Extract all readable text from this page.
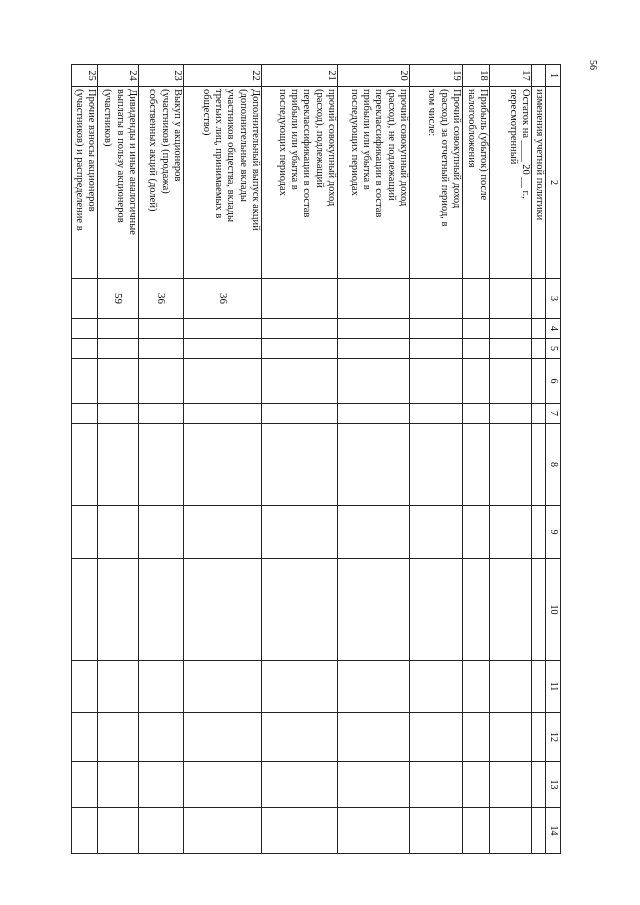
56
1	2	3	4	5	6	7	8	9	10	11	12	13	14
	изменения учетной политики												
17	Остаток на ____ 20 __ г.,
пересмотренный												

18	Прибыль (убыток) после
налогообложения												

19	Прочий совокупный доход
(расход) за отчетный период, в
том числе:												

20	прочий совокупный доход
(расход), не подлежащий
переклассификации в состав
прибыли или убытка в
последующих периодах												

21	прочий совокупный доход
(расход), подлежащий
переклассификации в состав
прибыли или убытка в
последующих периодах												

22	Дополнительный выпуск акций
(дополнительные вклады
участников общества, вклады
третьих лиц, принимаемых в
общество)	36											
23	Выкуп у акционеров
(участников) (продажа)
собственных акций (долей)	36											
24	Дивиденды и иные аналогичные
выплаты в пользу акционеров
(участников)	59											
25	Прочие взносы акционеров
(участников) и распределение в												
